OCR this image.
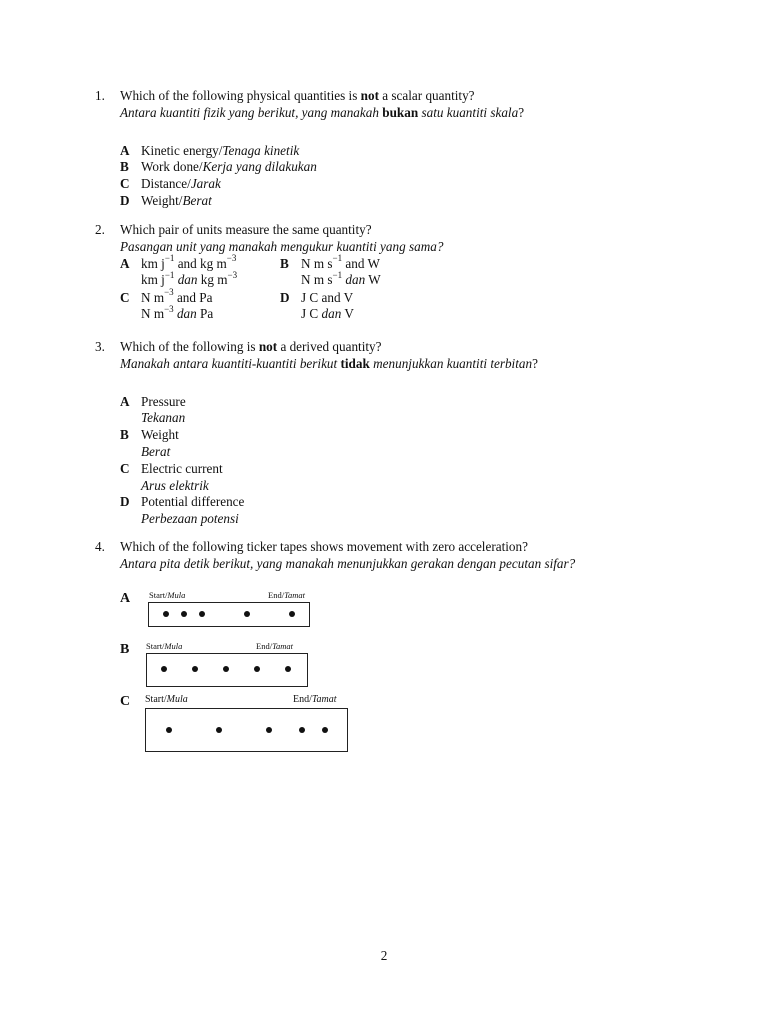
1. Which of the following physical quantities is not a scalar quantity?
Antara kuantiti fizik yang berikut, yang manakah bukan satu kuantiti skala?
A Kinetic energy/Tenaga kinetik
B Work done/Kerja yang dilakukan
C Distance/Jarak
D Weight/Berat
2. Which pair of units measure the same quantity?
Pasangan unit yang manakah mengukur kuantiti yang sama?
A km $j^{-1}$ and kg $m^{-3}$
km $j^{-1}$ dan kg $m^{-3}$
B N m $s^{-1}$ and W
N m $s^{-1}$ dan W
C N $m^{-3}$ and Pa
N $m^{-3}$ dan Pa
D J C and V
J C dan V
3. Which of the following is not a derived quantity?
Manakah antara kuantiti-kuantiti berikut tidak menunjukkan kuantiti terbitan?
A Pressure
Tekanan
B Weight
Berat
C Electric current
Arus elektrik
D Potential difference
Perbezaan potensi
4. Which of the following ticker tapes shows movement with zero acceleration?
Antara pita detik berikut, yang manakah menunjukkan gerakan dengan pecutan sifar?
A Start/Mula	End/Tamat
B Start/Mula	End/Tamat
C Start/Mula	End/Tamat
2
